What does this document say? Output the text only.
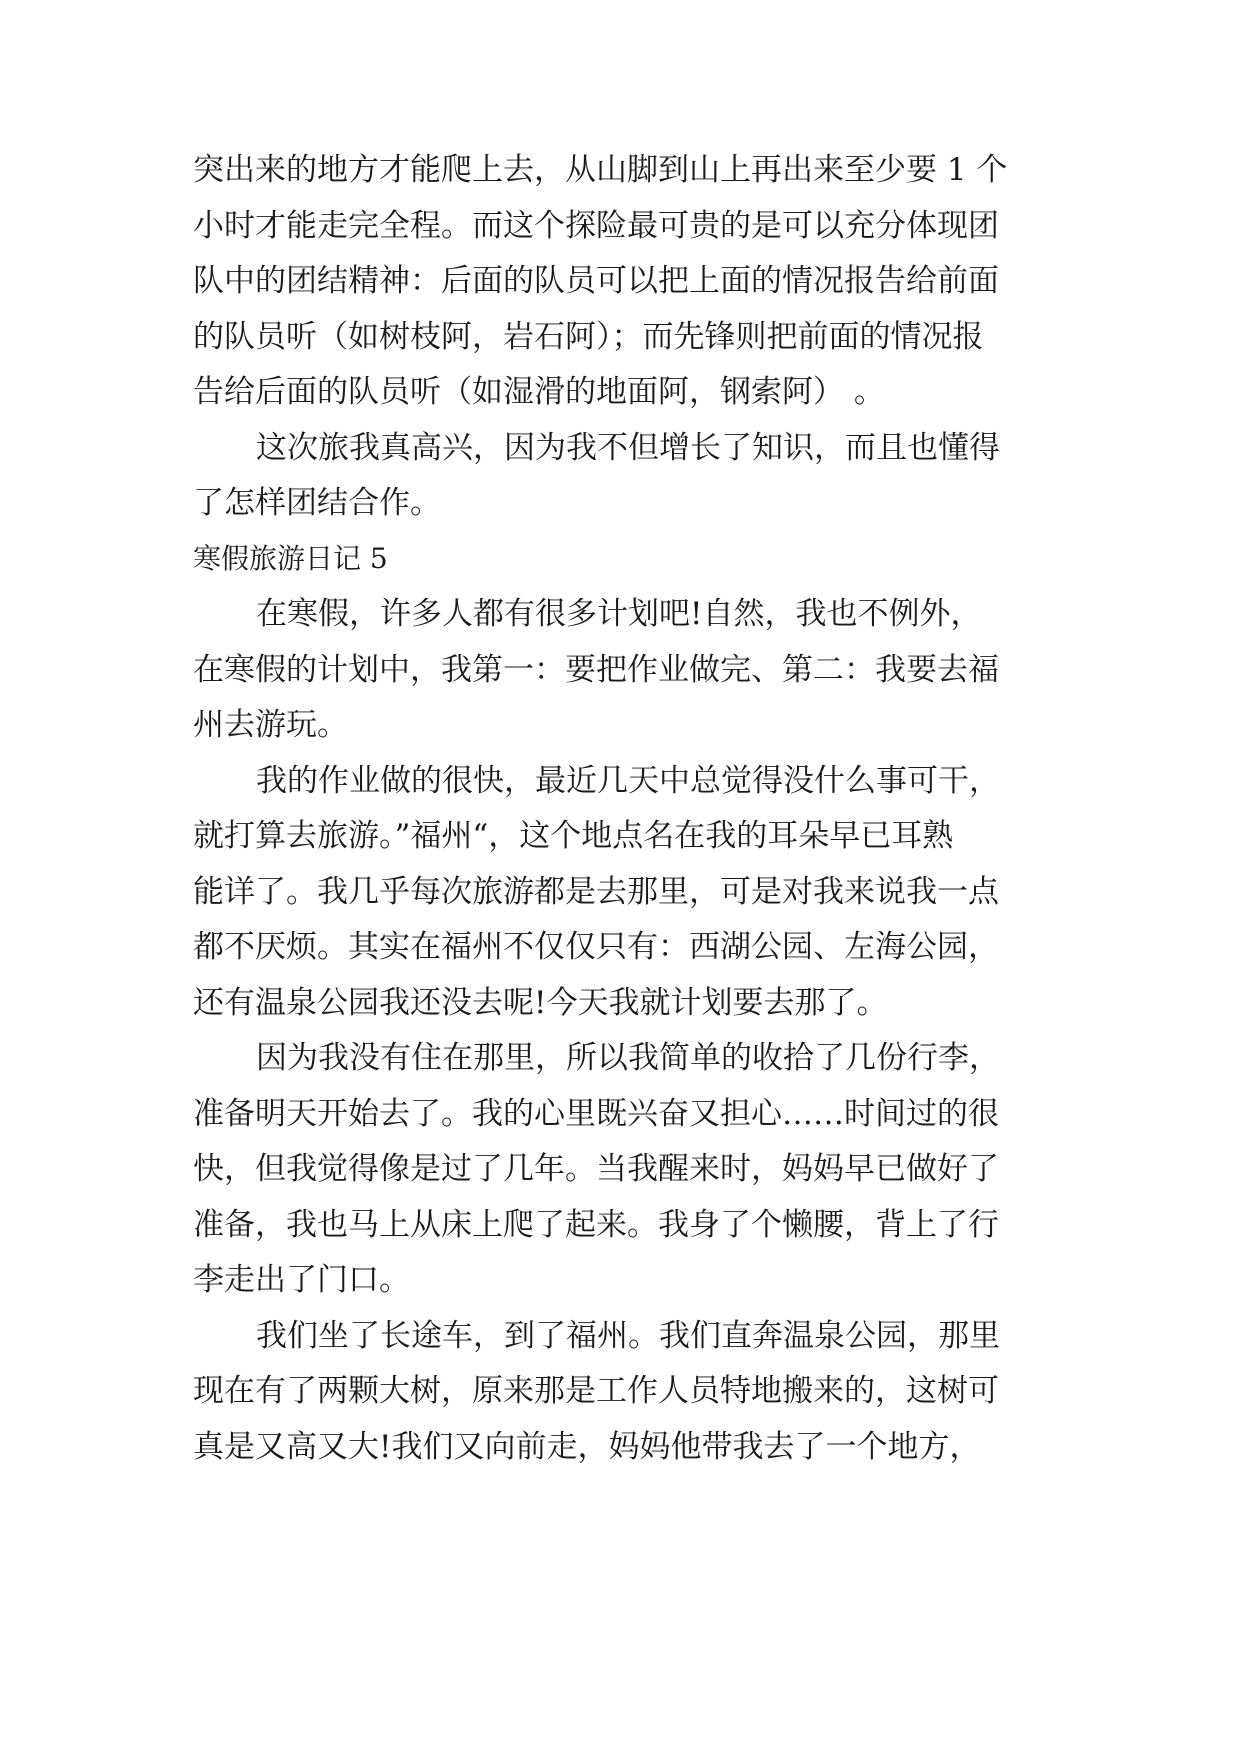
突出来的地方才能爬上去，从山脚到山上再出来至少要 1 个
小时才能走完全程。而这个探险最可贵的是可以充分体现团
队中的团结精神：后面的队员可以把上面的情况报告给前面
的队员听（如树枝阿，岩石阿）；而先锋则把前面的情况报
告给后面的队员听（如湿滑的地面阿，钢索阿） 。
这次旅我真高兴，因为我不但增长了知识，而且也懂得
了怎样团结合作。
寒假旅游日记 5
在寒假，许多人都有很多计划吧!自然，我也不例外，
在寒假的计划中，我第一：要把作业做完、第二：我要去福
州去游玩。
我的作业做的很快，最近几天中总觉得没什么事可干，
就打算去旅游。”福州“，这个地点名在我的耳朵早已耳熟
能详了。我几乎每次旅游都是去那里，可是对我来说我一点
都不厌烦。其实在福州不仅仅只有：西湖公园、左海公园，
还有温泉公园我还没去呢!今天我就计划要去那了。
因为我没有住在那里，所以我简单的收拾了几份行李，
准备明天开始去了。我的心里既兴奋又担心……时间过的很
快，但我觉得像是过了几年。当我醒来时，妈妈早已做好了
准备，我也马上从床上爬了起来。我身了个懒腰，背上了行
李走出了门口。
我们坐了长途车，到了福州。我们直奔温泉公园，那里
现在有了两颗大树，原来那是工作人员特地搬来的，这树可
真是又高又大!我们又向前走，妈妈他带我去了一个地方，
